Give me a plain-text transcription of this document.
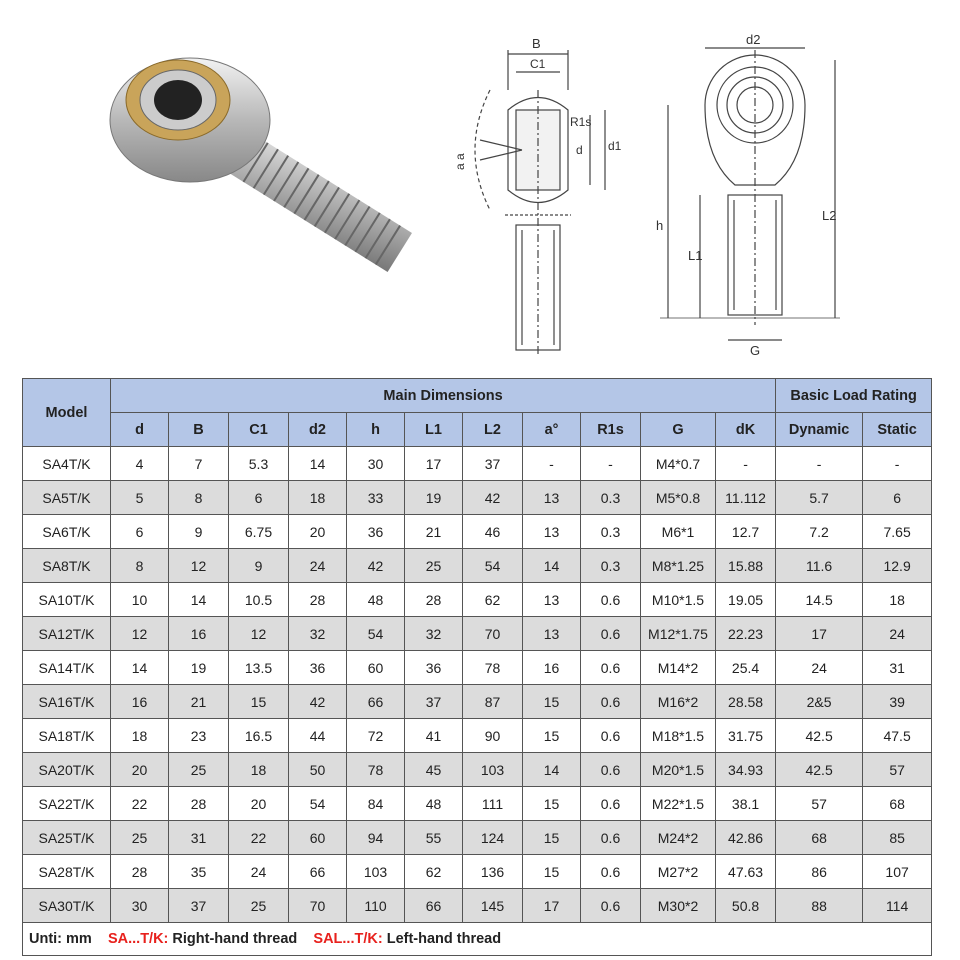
B
C1
R1s
d d1
a a
d2
h
L1
L2
G
Model	Main Dimensions											Basic Load Rating	
	d	B	C1	d2	h	L1	L2	a°	R1s	G	dK	Dynamic	Static
SA4T/K	4	7	5.3	14	30	17	37	-	-	M4*0.7	-	-	-
SA5T/K	5	8	6	18	33	19	42	13	0.3	M5*0.8	11.112	5.7	6
SA6T/K	6	9	6.75	20	36	21	46	13	0.3	M6*1	12.7	7.2	7.65
SA8T/K	8	12	9	24	42	25	54	14	0.3	M8*1.25	15.88	11.6	12.9
SA10T/K	10	14	10.5	28	48	28	62	13	0.6	M10*1.5	19.05	14.5	18
SA12T/K	12	16	12	32	54	32	70	13	0.6	M12*1.75	22.23	17	24
SA14T/K	14	19	13.5	36	60	36	78	16	0.6	M14*2	25.4	24	31
SA16T/K	16	21	15	42	66	37	87	15	0.6	M16*2	28.58	2&5	39
SA18T/K	18	23	16.5	44	72	41	90	15	0.6	M18*1.5	31.75	42.5	47.5
SA20T/K	20	25	18	50	78	45	103	14	0.6	M20*1.5	34.93	42.5	57
SA22T/K	22	28	20	54	84	48	111	15	0.6	M22*1.5	38.1	57	68
SA25T/K	25	31	22	60	94	55	124	15	0.6	M24*2	42.86	68	85
SA28T/K	28	35	24	66	103	62	136	15	0.6	M27*2	47.63	86	107
SA30T/K	30	37	25	70	110	66	145	17	0.6	M30*2	50.8	88	114
Unti: mm SA...T/K: Right-hand thread SAL...T/K: Left-hand thread													
